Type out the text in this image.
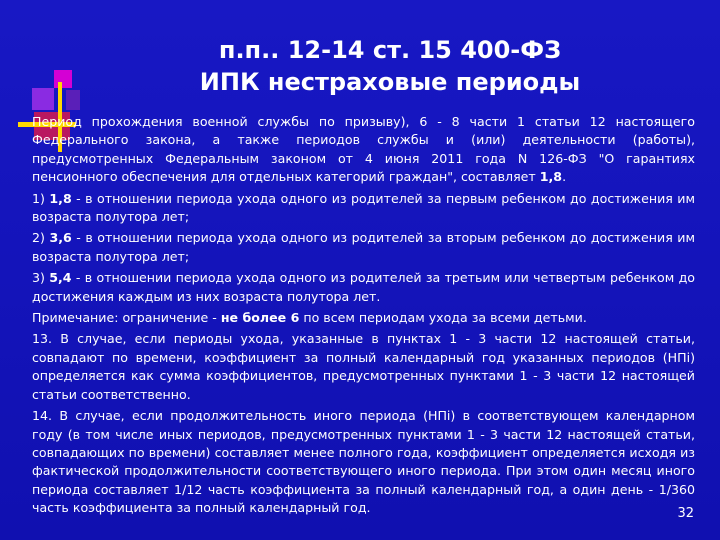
п.п.. 12-14 ст. 15 400-ФЗ
ИПК нестраховые периоды

Период прохождения военной службы по призыву), 6 - 8 части 1 статьи 12 настоящего Федерального закона, а также периодов службы и (или) деятельности (работы), предусмотренных Федеральным законом от 4 июня 2011 года N 126-ФЗ "О гарантиях пенсионного обеспечения для отдельных категорий граждан", составляет 1,8.

1) 1,8 - в отношении периода ухода одного из родителей за первым ребенком до достижения им возраста полутора лет;

2) 3,6 - в отношении периода ухода одного из родителей за вторым ребенком до достижения им возраста полутора лет;

3) 5,4 - в отношении периода ухода одного из родителей за третьим или четвертым ребенком до достижения каждым из них возраста полутора лет.

Примечание: ограничение - не более 6 по всем периодам ухода за всеми детьми.

13. В случае, если периоды ухода, указанные в пунктах 1 - 3 части 12 настоящей статьи, совпадают по времени, коэффициент за полный календарный год указанных периодов (НПi) определяется как сумма коэффициентов, предусмотренных пунктами 1 - 3 части 12 настоящей статьи соответственно.

14. В случае, если продолжительность иного периода (НПi) в соответствующем календарном году (в том числе иных периодов, предусмотренных пунктами 1 - 3 части 12 настоящей статьи, совпадающих по времени) составляет менее полного года, коэффициент определяется исходя из фактической продолжительности соответствующего иного периода. При этом один месяц иного периода составляет 1/12 часть коэффициента за полный календарный год, а один день - 1/360 часть коэффициента за полный календарный год.	32
